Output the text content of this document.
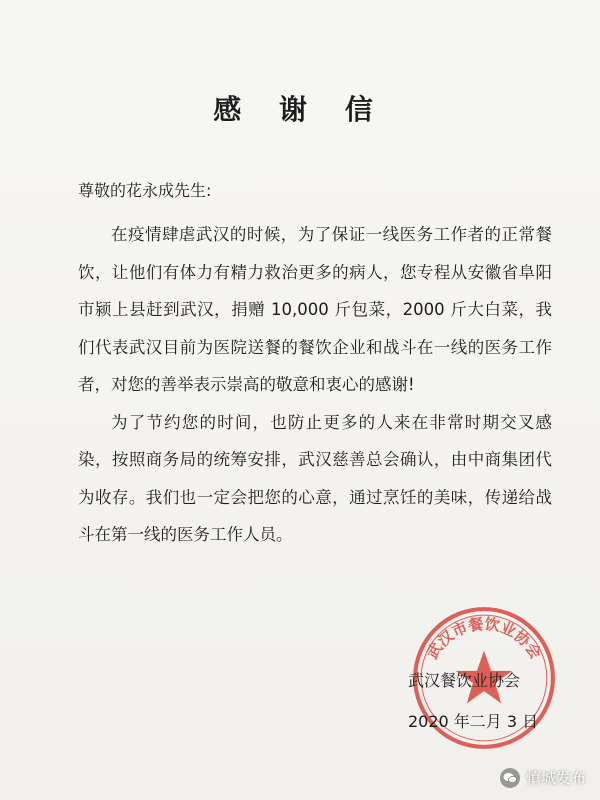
感 谢 信
尊敬的花永成先生:

在疫情肆虐武汉的时候，为了保证一线医务工作者的正常餐饮，让他们有体力有精力救治更多的病人，您专程从安徽省阜阳市颍上县赶到武汉，捐赠 10,000 斤包菜，2000 斤大白菜，我们代表武汉目前为医院送餐的餐饮企业和战斗在一线的医务工作者，对您的善举表示崇高的敬意和衷心的感谢!

为了节约您的时间，也防止更多的人来在非常时期交叉感染，按照商务局的统筹安排，武汉慈善总会确认，由中商集团代为收存。我们也一定会把您的心意，通过烹饪的美味，传递给战斗在第一线的医务工作人员。

武汉市餐饮业协会
武汉餐饮业协会
2020 年二月 3 日
慎城发布
